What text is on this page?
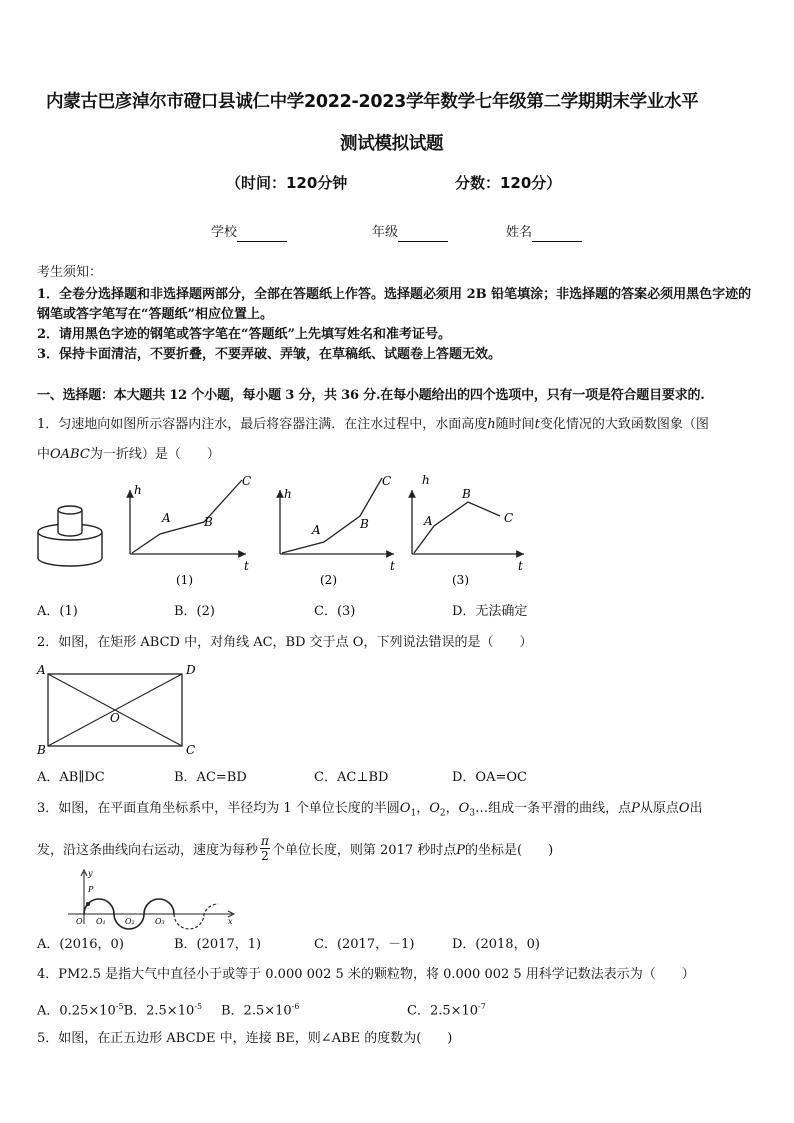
内蒙古巴彦淖尔市磴口县诚仁中学2022-2023学年数学七年级第二学期期末学业水平
测试模拟试题
（时间：120分钟	分数：120分）
学校	年级	姓名
考生须知：
1．全卷分选择题和非选择题两部分，全部在答题纸上作答。选择题必须用 2B 铅笔填涂；非选择题的答案必须用黑色字迹的钢笔或答字笔写在“答题纸”相应位置上。
2．请用黑色字迹的钢笔或答字笔在“答题纸”上先填写姓名和准考证号。
3．保持卡面清洁，不要折叠，不要弄破、弄皱，在草稿纸、试题卷上答题无效。
一、选择题：本大题共 12 个小题，每小题 3 分，共 36 分.在每小题给出的四个选项中，只有一项是符合题目要求的.
1．匀速地向如图所示容器内注水，最后将容器注满．在注水过程中，水面高度h随时间t变化情况的大致函数图象（图
中OABC为一折线）是（　　）
h
t
A	B
C
(1)
h
t
A	B
C
(2)
h
t
A
B
C
(3)
A．(1)	B．(2)	C．(3)	D．无法确定
2．如图，在矩形 ABCD 中，对角线 AC，BD 交于点 O，下列说法错误的是（　　）
A	D
B	C
O
A．AB∥DC	B．AC=BD	C．AC⊥BD	D．OA=OC
3．如图，在平面直角坐标系中，半径均为 1 个单位长度的半圆$O_1$，$O_2$，$O_3\dots$组成一条平滑的曲线，点P从原点O出
发，沿这条曲线向右运动，速度为每秒 $\frac{\pi}{2}$ 个单位长度，则第 2017 秒时点P的坐标是(　　)
y
P
O O₁ O₂	O₃	x
A．(2016，0)	B．(2017，1)	C．(2017，－1)	D．(2018，0)
4．PM2.5 是指大气中直径小于或等于 0.000 002 5 米的颗粒物，将 0.000 002 5 用科学记数法表示为（　　）
A．$0.25\times 10^{-5}B$．$2.5\times 10^{-5}$ B．$2.5\times 10^{-6}$	C．$2.5\times 10^{-7}$
5．如图，在正五边形 ABCDE 中，连接 BE，则∠ABE 的度数为(　　)
